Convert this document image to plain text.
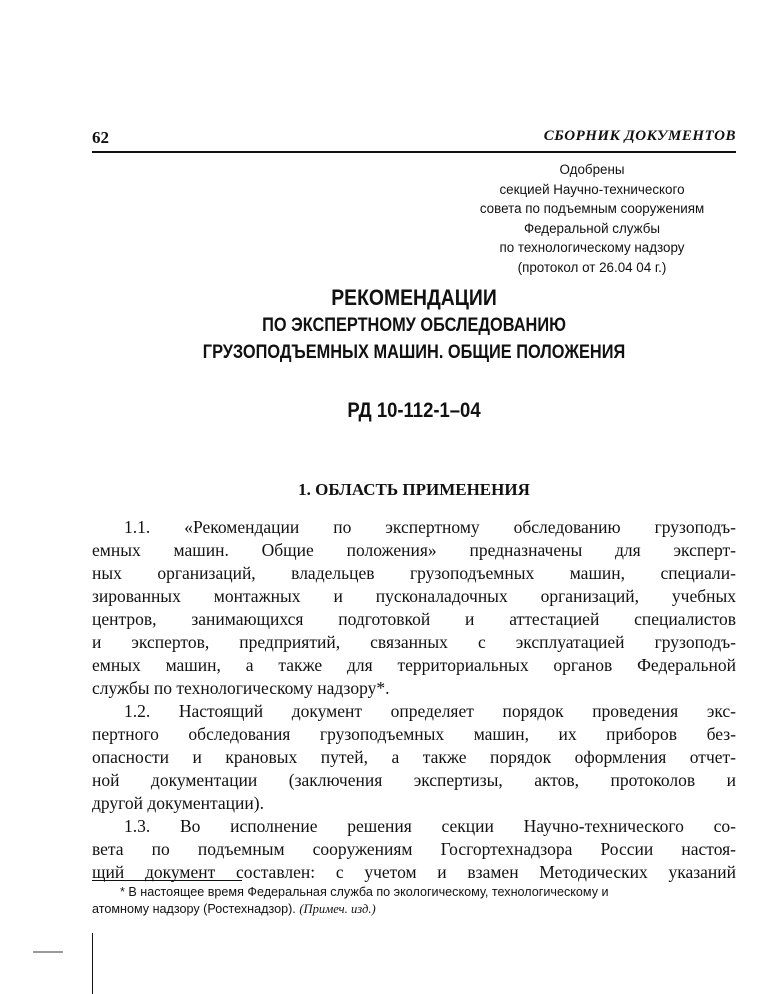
62	СБОРНИК ДОКУМЕНТОВ
Одобрены
секцией Научно-технического
совета по подъемным сооружениям
Федеральной службы
по технологическому надзору
(протокол от 26.04 04 г.)
РЕКОМЕНДАЦИИ
ПО ЭКСПЕРТНОМУ ОБСЛЕДОВАНИЮ
ГРУЗОПОДЪЕМНЫХ МАШИН. ОБЩИЕ ПОЛОЖЕНИЯ
РД 10-112-1–04
1. ОБЛАСТЬ ПРИМЕНЕНИЯ
1.1. «Рекомендации по экспертному обследованию грузоподъ-
емных машин. Общие положения» предназначены для эксперт-
ных организаций, владельцев грузоподъемных машин, специали-
зированных монтажных и пусконаладочных организаций, учебных
центров, занимающихся подготовкой и аттестацией специалистов
и экспертов, предприятий, связанных с эксплуатацией грузоподъ-
емных машин, а также для территориальных органов Федеральной
службы по технологическому надзору*.
1.2. Настоящий документ определяет порядок проведения экс-
пертного обследования грузоподъемных машин, их приборов без-
опасности и крановых путей, а также порядок оформления отчет-
ной документации (заключения экспертизы, актов, протоколов и
другой документации).
1.3. Во исполнение решения секции Научно-технического со-
вета по подъемным сооружениям Госгортехнадзора России настоя-
щий документ составлен: с учетом и взамен Методических указаний
* В настоящее время Федеральная служба по экологическому, технологическому и
атомному надзору (Ростехнадзор). (Примеч. изд.)
